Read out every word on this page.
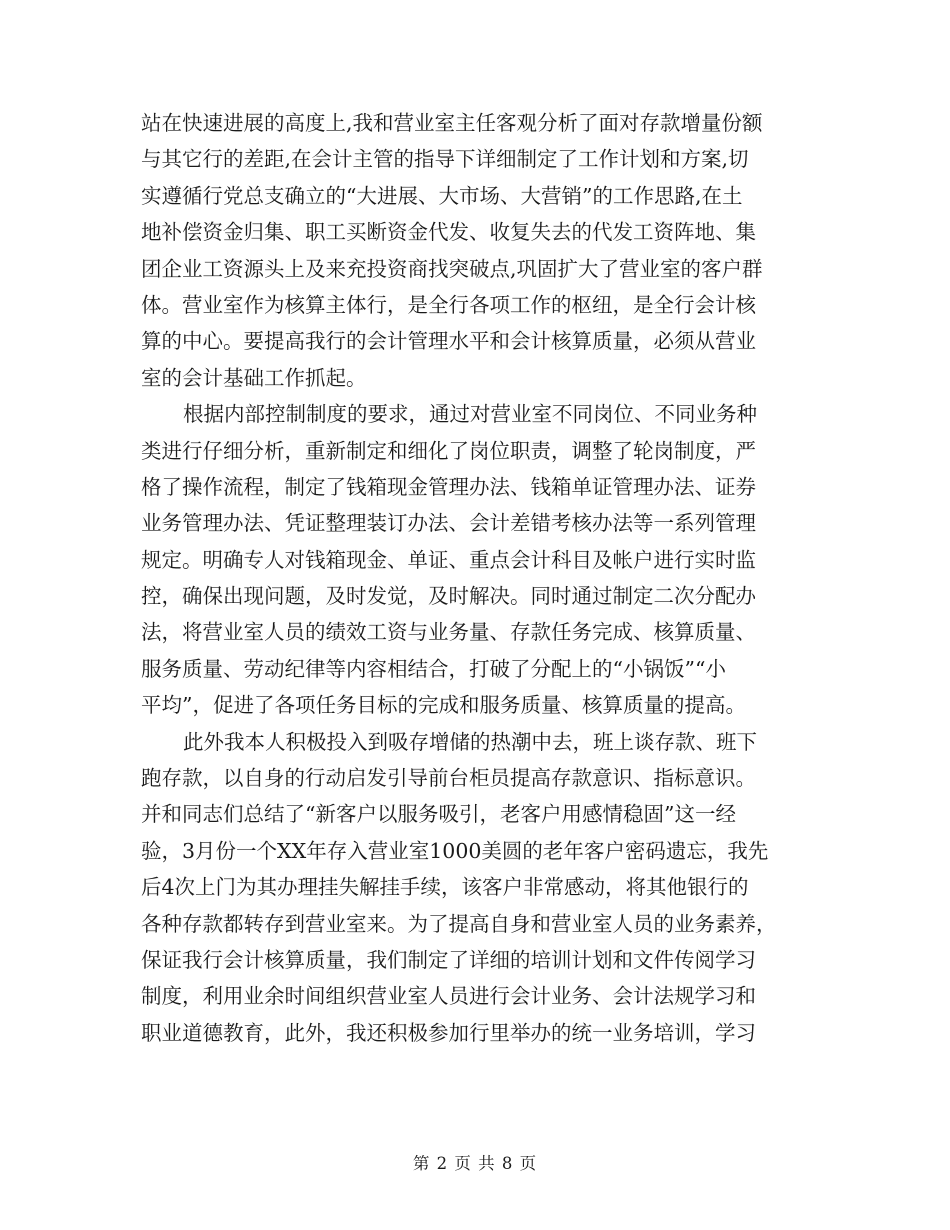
站在快速进展的高度上,我和营业室主任客观分析了面对存款增量份额
与其它行的差距,在会计主管的指导下详细制定了工作计划和方案,切
实遵循行党总支确立的“大进展、大市场、大营销”的工作思路,在土
地补偿资金归集、职工买断资金代发、收复失去的代发工资阵地、集
团企业工资源头上及来充投资商找突破点,巩固扩大了营业室的客户群
体。营业室作为核算主体行，是全行各项工作的枢纽，是全行会计核
算的中心。要提高我行的会计管理水平和会计核算质量，必须从营业
室的会计基础工作抓起。
根据内部控制制度的要求，通过对营业室不同岗位、不同业务种
类进行仔细分析，重新制定和细化了岗位职责，调整了轮岗制度，严
格了操作流程，制定了钱箱现金管理办法、钱箱单证管理办法、证券
业务管理办法、凭证整理装订办法、会计差错考核办法等一系列管理
规定。明确专人对钱箱现金、单证、重点会计科目及帐户进行实时监
控，确保出现问题，及时发觉，及时解决。同时通过制定二次分配办
法，将营业室人员的绩效工资与业务量、存款任务完成、核算质量、
服务质量、劳动纪律等内容相结合，打破了分配上的“小锅饭”“小
平均”，促进了各项任务目标的完成和服务质量、核算质量的提高。
此外我本人积极投入到吸存增储的热潮中去，班上谈存款、班下
跑存款，以自身的行动启发引导前台柜员提高存款意识、指标意识。
并和同志们总结了“新客户以服务吸引，老客户用感情稳固”这一经
验，3月份一个XX年存入营业室1000美圆的老年客户密码遗忘，我先
后4次上门为其办理挂失解挂手续，该客户非常感动，将其他银行的
各种存款都转存到营业室来。为了提高自身和营业室人员的业务素养，
保证我行会计核算质量，我们制定了详细的培训计划和文件传阅学习
制度，利用业余时间组织营业室人员进行会计业务、会计法规学习和
职业道德教育，此外，我还积极参加行里举办的统一业务培训，学习
第 2 页 共 8 页
